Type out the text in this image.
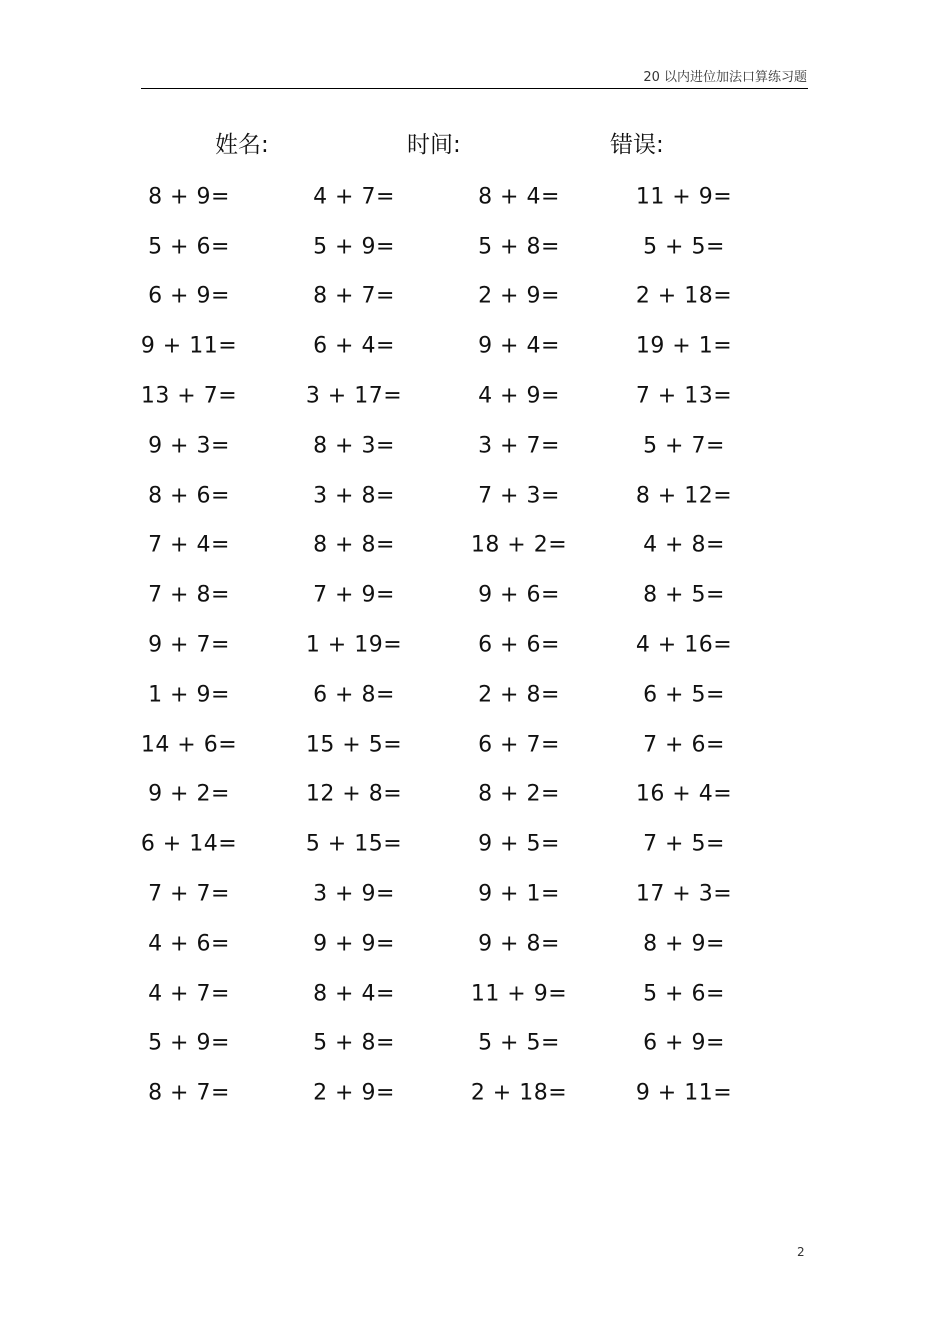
20 以内进位加法口算练习题
姓名:	时间:	错误:
8 + 9=	4 + 7=	8 + 4=	11 + 9=
5 + 6=	5 + 9=	5 + 8=	5 + 5=
6 + 9=	8 + 7=	2 + 9=	2 + 18=
9 + 11=	6 + 4=	9 + 4=	19 + 1=
13 + 7=	3 + 17=	4 + 9=	7 + 13=
9 + 3=	8 + 3=	3 + 7=	5 + 7=
8 + 6=	3 + 8=	7 + 3=	8 + 12=
7 + 4=	8 + 8=	18 + 2=	4 + 8=
7 + 8=	7 + 9=	9 + 6=	8 + 5=
9 + 7=	1 + 19=	6 + 6=	4 + 16=
1 + 9=	6 + 8=	2 + 8=	6 + 5=
14 + 6=	15 + 5=	6 + 7=	7 + 6=
9 + 2=	12 + 8=	8 + 2=	16 + 4=
6 + 14=	5 + 15=	9 + 5=	7 + 5=
7 + 7=	3 + 9=	9 + 1=	17 + 3=
4 + 6=	9 + 9=	9 + 8=	8 + 9=
4 + 7=	8 + 4=	11 + 9=	5 + 6=
5 + 9=	5 + 8=	5 + 5=	6 + 9=
8 + 7=	2 + 9=	2 + 18=	9 + 11=
2
